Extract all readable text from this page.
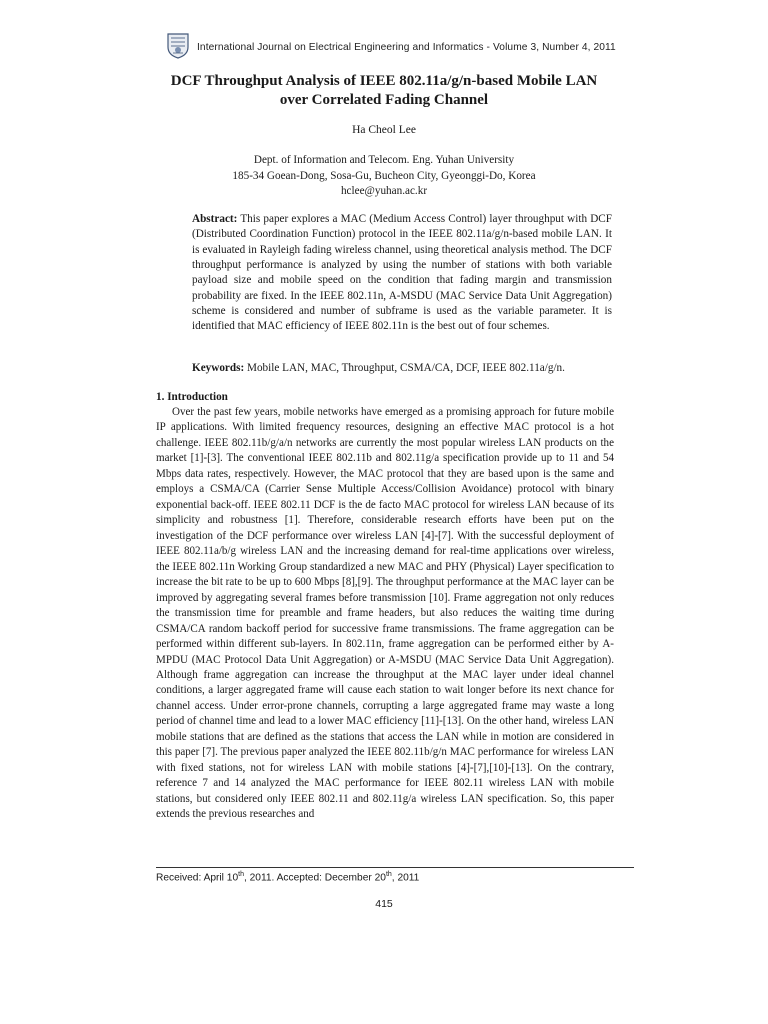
International Journal on Electrical Engineering and Informatics - Volume 3, Number 4, 2011
DCF Throughput Analysis of IEEE 802.11a/g/n-based Mobile LAN
over Correlated Fading Channel
Ha Cheol Lee
Dept. of Information and Telecom. Eng. Yuhan University
185-34 Goean-Dong, Sosa-Gu, Bucheon City, Gyeonggi-Do, Korea
hclee@yuhan.ac.kr
Abstract: This paper explores a MAC (Medium Access Control) layer throughput with DCF (Distributed Coordination Function) protocol in the IEEE 802.11a/g/n-based mobile LAN. It is evaluated in Rayleigh fading wireless channel, using theoretical analysis method. The DCF throughput performance is analyzed by using the number of stations with both variable payload size and mobile speed on the condition that fading margin and transmission probability are fixed. In the IEEE 802.11n, A-MSDU (MAC Service Data Unit Aggregation) scheme is considered and number of subframe is used as the variable parameter. It is identified that MAC efficiency of IEEE 802.11n is the best out of four schemes.
Keywords: Mobile LAN, MAC, Throughput, CSMA/CA, DCF, IEEE 802.11a/g/n.
1. Introduction
Over the past few years, mobile networks have emerged as a promising approach for future mobile IP applications. With limited frequency resources, designing an effective MAC protocol is a hot challenge. IEEE 802.11b/g/a/n networks are currently the most popular wireless LAN products on the market [1]-[3]. The conventional IEEE 802.11b and 802.11g/a specification provide up to 11 and 54 Mbps data rates, respectively. However, the MAC protocol that they are based upon is the same and employs a CSMA/CA (Carrier Sense Multiple Access/Collision Avoidance) protocol with binary exponential back-off. IEEE 802.11 DCF is the de facto MAC protocol for wireless LAN because of its simplicity and robustness [1]. Therefore, considerable research efforts have been put on the investigation of the DCF performance over wireless LAN [4]-[7]. With the successful deployment of IEEE 802.11a/b/g wireless LAN and the increasing demand for real-time applications over wireless, the IEEE 802.11n Working Group standardized a new MAC and PHY (Physical) Layer specification to increase the bit rate to be up to 600 Mbps [8],[9]. The throughput performance at the MAC layer can be improved by aggregating several frames before transmission [10]. Frame aggregation not only reduces the transmission time for preamble and frame headers, but also reduces the waiting time during CSMA/CA random backoff period for successive frame transmissions. The frame aggregation can be performed within different sub-layers. In 802.11n, frame aggregation can be performed either by A-MPDU (MAC Protocol Data Unit Aggregation) or A-MSDU (MAC Service Data Unit Aggregation). Although frame aggregation can increase the throughput at the MAC layer under ideal channel conditions, a larger aggregated frame will cause each station to wait longer before its next chance for channel access. Under error-prone channels, corrupting a large aggregated frame may waste a long period of channel time and lead to a lower MAC efficiency [11]-[13]. On the other hand, wireless LAN mobile stations that are defined as the stations that access the LAN while in motion are considered in this paper [7]. The previous paper analyzed the IEEE 802.11b/g/n MAC performance for wireless LAN with fixed stations, not for wireless LAN with mobile stations [4]-[7],[10]-[13]. On the contrary, reference 7 and 14 analyzed the MAC performance for IEEE 802.11 wireless LAN with mobile stations, but considered only IEEE 802.11 and 802.11g/a wireless LAN specification. So, this paper extends the previous researches and
Received: April 10th, 2011. Accepted: December 20th, 2011
415
